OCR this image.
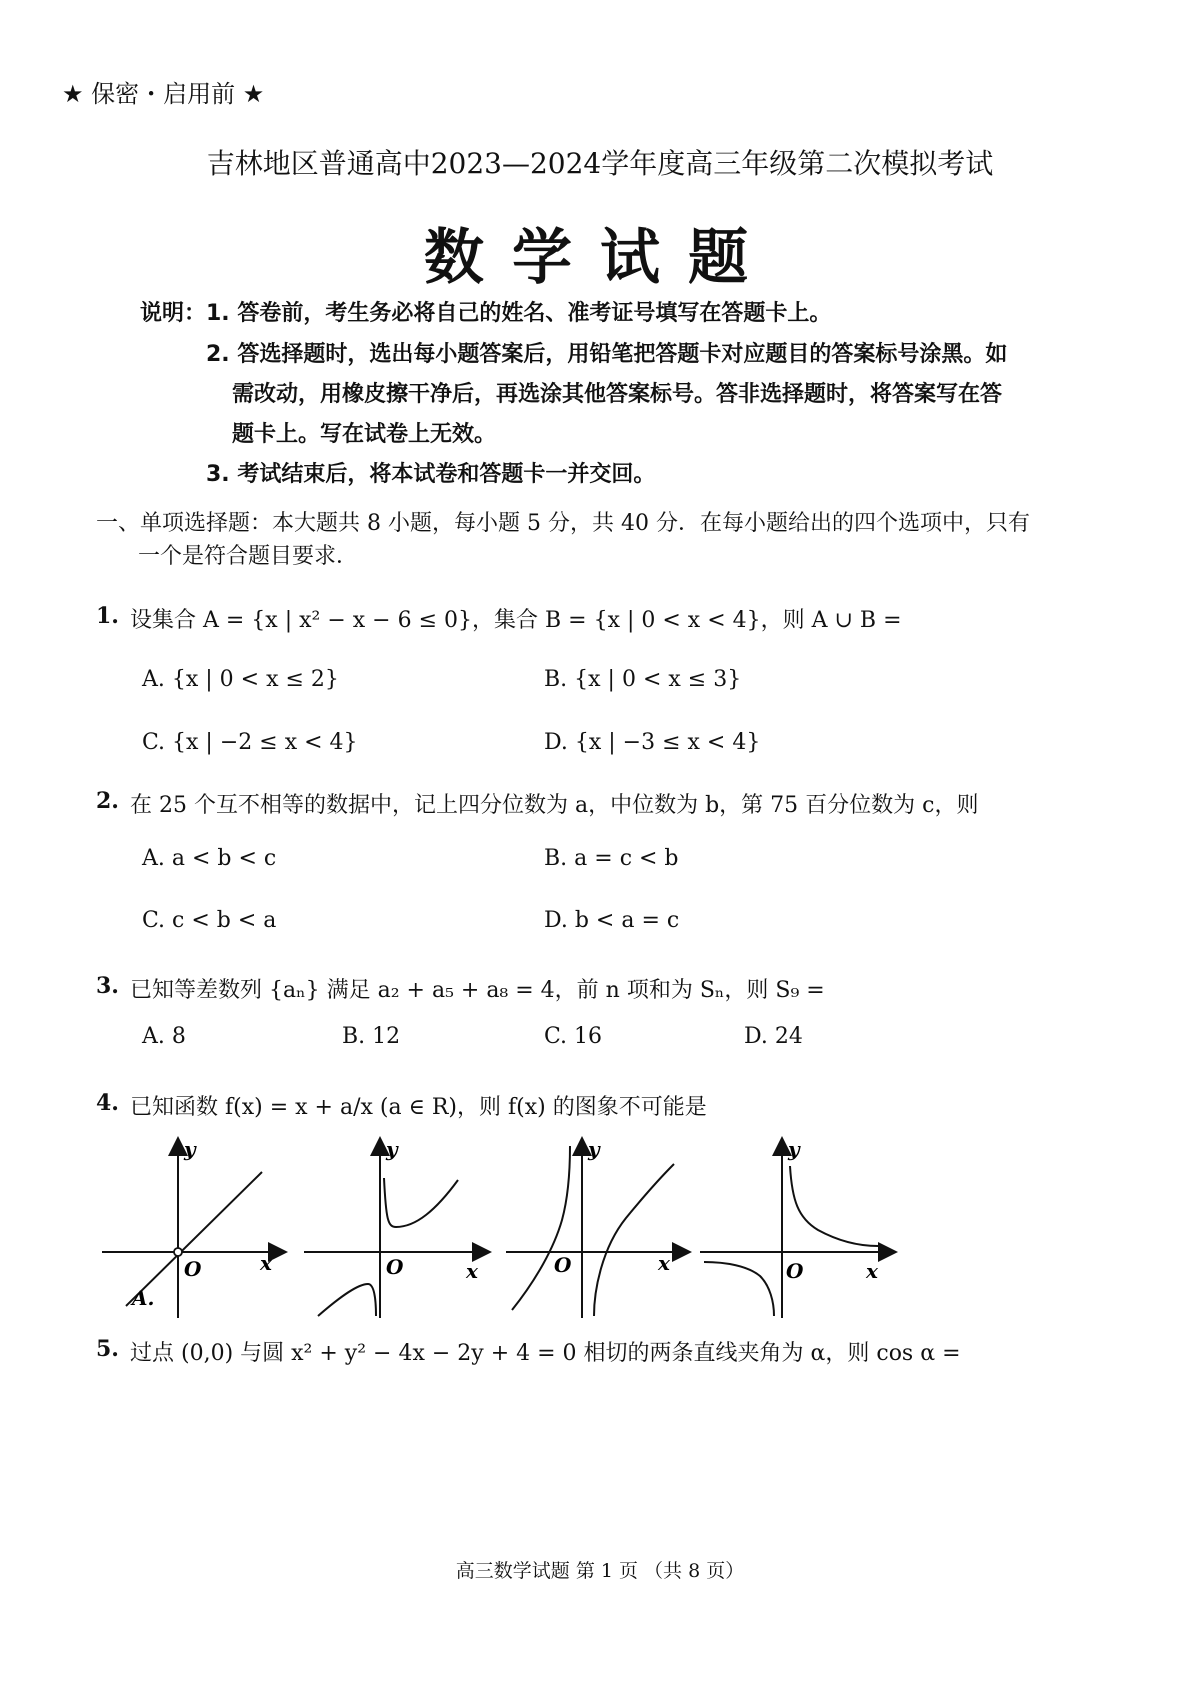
★ 保密・启用前 ★
吉林地区普通高中2023—2024学年度高三年级第二次模拟考试
数学试题
说明： 1. 答卷前，考生务必将自己的姓名、准考证号填写在答题卡上。
2. 答选择题时，选出每小题答案后，用铅笔把答题卡对应题目的答案标号涂黑。如
需改动，用橡皮擦干净后，再选涂其他答案标号。答非选择题时，将答案写在答
题卡上。写在试卷上无效。
3. 考试结束后，将本试卷和答题卡一并交回。
一、单项选择题：本大题共 8 小题，每小题 5 分，共 40 分．在每小题给出的四个选项中，只有
一个是符合题目要求．
1. 设集合 A = {x | x² − x − 6 ≤ 0}，集合 B = {x | 0 < x < 4}，则 A ∪ B =
A. {x | 0 < x ≤ 2}	B. {x | 0 < x ≤ 3}
C. {x | −2 ≤ x < 4}	D. {x | −3 ≤ x < 4}
2. 在 25 个互不相等的数据中，记上四分位数为 a，中位数为 b，第 75 百分位数为 c，则
A. a < b < c	B. a = c < b
C. c < b < a	D. b < a = c
3. 已知等差数列 {aₙ} 满足 a₂ + a₅ + a₈ = 4，前 n 项和为 Sₙ，则 S₉ =
A. 8	B. 12	C. 16	D. 24
4. 已知函数 f(x) = x + a/x (a ∈ R)，则 f(x) 的图象不可能是
y
x
O
A.
y
x
O
y
x
O
y
x
O
5. 过点 (0,0) 与圆 x² + y² − 4x − 2y + 4 = 0 相切的两条直线夹角为 α，则 cos α =
高三数学试题 第 1 页 （共 8 页）
